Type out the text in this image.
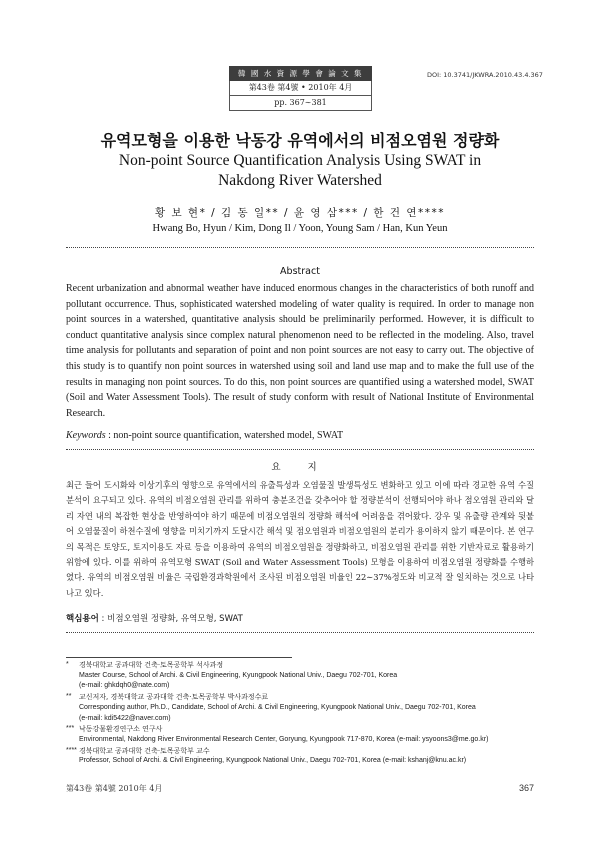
韓 國 水 資 源 學 會 論 文 集
第43卷 第4號 • 2010年 4月
pp. 367∼381
DOI: 10.3741/JKWRA.2010.43.4.367
유역모형을 이용한 낙동강 유역에서의 비점오염원 정량화
Non-point Source Quantification Analysis Using SWAT in
Nakdong River Watershed
황 보 현* / 김 동 일** / 윤 영 삼*** / 한 건 연****
Hwang Bo, Hyun / Kim, Dong Il / Yoon, Young Sam / Han, Kun Yeun
Abstract

Recent urbanization and abnormal weather have induced enormous changes in the characteristics of both runoff and pollutant occurrence. Thus, sophisticated watershed modeling of water quality is required. In order to manage non point sources in a watershed, quantitative analysis should be preliminarily performed. However, it is difficult to conduct quantitative analysis since complex natural phenomenon need to be reflected in the modeling. Also, travel time analysis for pollutants and separation of point and non point sources are not easy to carry out. The objective of this study is to quantify non point sources in watershed using soil and land use map and to make the full use of the results in managing non point sources. To do this, non point sources are quantified using a watershed model, SWAT (Soil and Water Assessment Tools). The result of study conform with result of National Institute of Environmental Research.

Keywords : non-point source quantification, watershed model, SWAT
요 지

최근 들어 도시화와 이상기후의 영향으로 유역에서의 유출특성과 오염물질 발생특성도 변화하고 있고 이에 따라 경교한 유역 수질분석이 요구되고 있다. 유역의 비점오염원 관리를 위하여 충분조건을 갖추어야 할 정량분석이 선행되어야 하나 점오염원 관리와 달리 자연 내의 복잡한 현상을 반영하여야 하기 때문에 비점오염원의 정량화 해석에 어려움을 겪어왔다. 강우 및 유출량 관계와 뒷붙어 오염물질이 하천수질에 영향을 미치기까지 도달시간 해석 및 점오염원과 비점오염원의 분리가 용이하지 않기 때문이다. 본 연구의 목적은 토양도, 토지이용도 자료 등을 이용하여 유역의 비점오염원을 정량화하고, 비점오염원 관리를 위한 기반자료로 활용하기 위함에 있다. 이를 위하여 유역모형 SWAT (Soil and Water Assessment Tools) 모형을 이용하여 비점오염원 정량화를 수행하였다. 유역의 비점오염원 비율은 국립환경과학원에서 조사된 비점오염원 비율인 22∼37%정도와 비교적 잘 일치하는 것으로 나타나고 있다.

핵심용어 : 비점오염원 정량화, 유역모형, SWAT
* 경북대학교 공과대학 건축·토목공학부 석사과정
Master Course, School of Archi. & Civil Engineering, Kyungpook National Univ., Daegu 702-701, Korea
(e-mail: ghkdqh0@nate.com)
** 교신저자, 경북대학교 공과대학 건축·토목공학부 박사과정수료
Corresponding author, Ph.D., Candidate, School of Archi. & Civil Engineering, Kyungpook National Univ., Daegu 702-701, Korea
(e-mail: kdi5422@naver.com)
*** 낙동강물환경연구소 연구사
Environmental, Nakdong River Environmental Research Center, Goryung, Kyungpook 717-870, Korea (e-mail: ysyoons3@me.go.kr)
**** 경북대학교 공과대학 건축·토목공학부 교수
Professor, School of Archi. & Civil Engineering, Kyungpook National Univ., Daegu 702-701, Korea (e-mail: kshanj@knu.ac.kr)
第43卷 第4號 2010年 4月	367
